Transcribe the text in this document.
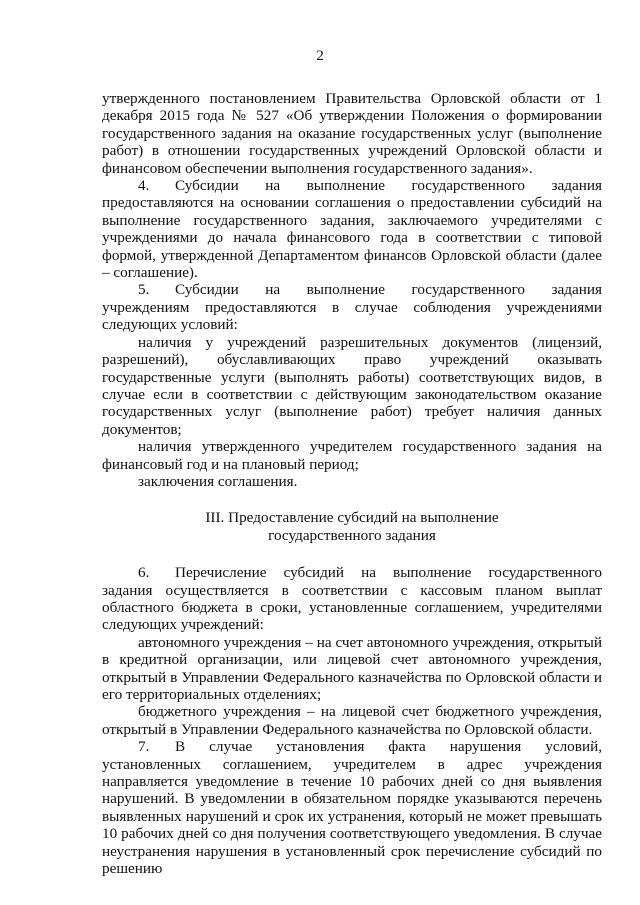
2

утвержденного постановлением Правительства Орловской области от 1 декабря 2015 года № 527 «Об утверждении Положения о формировании государственного задания на оказание государственных услуг (выполнение работ) в отношении государственных учреждений Орловской области и финансовом обеспечении выполнения государственного задания».

4. Субсидии на выполнение государственного задания предоставляются на основании соглашения о предоставлении субсидий на выполнение государственного задания, заключаемого учредителями с учреждениями до начала финансового года в соответствии с типовой формой, утвержденной Департаментом финансов Орловской области (далее – соглашение).

5. Субсидии на выполнение государственного задания учреждениям предоставляются в случае соблюдения учреждениями следующих условий:

наличия у учреждений разрешительных документов (лицензий, разрешений), обуславливающих право учреждений оказывать государственные услуги (выполнять работы) соответствующих видов, в случае если в соответствии с действующим законодательством оказание государственных услуг (выполнение работ) требует наличия данных документов;

наличия утвержденного учредителем государственного задания на финансовый год и на плановый период;

заключения соглашения.

III. Предоставление субсидий на выполнение
государственного задания

6. Перечисление субсидий на выполнение государственного задания осуществляется в соответствии с кассовым планом выплат областного бюджета в сроки, установленные соглашением, учредителями следующих учреждений:

автономного учреждения – на счет автономного учреждения, открытый в кредитной организации, или лицевой счет автономного учреждения, открытый в Управлении Федерального казначейства по Орловской области и его территориальных отделениях;

бюджетного учреждения – на лицевой счет бюджетного учреждения, открытый в Управлении Федерального казначейства по Орловской области.

7. В случае установления факта нарушения условий, установленных соглашением, учредителем в адрес учреждения направляется уведомление в течение 10 рабочих дней со дня выявления нарушений. В уведомлении в обязательном порядке указываются перечень выявленных нарушений и срок их устранения, который не может превышать 10 рабочих дней со дня получения соответствующего уведомления. В случае неустранения нарушения в установленный срок перечисление субсидий по решению
